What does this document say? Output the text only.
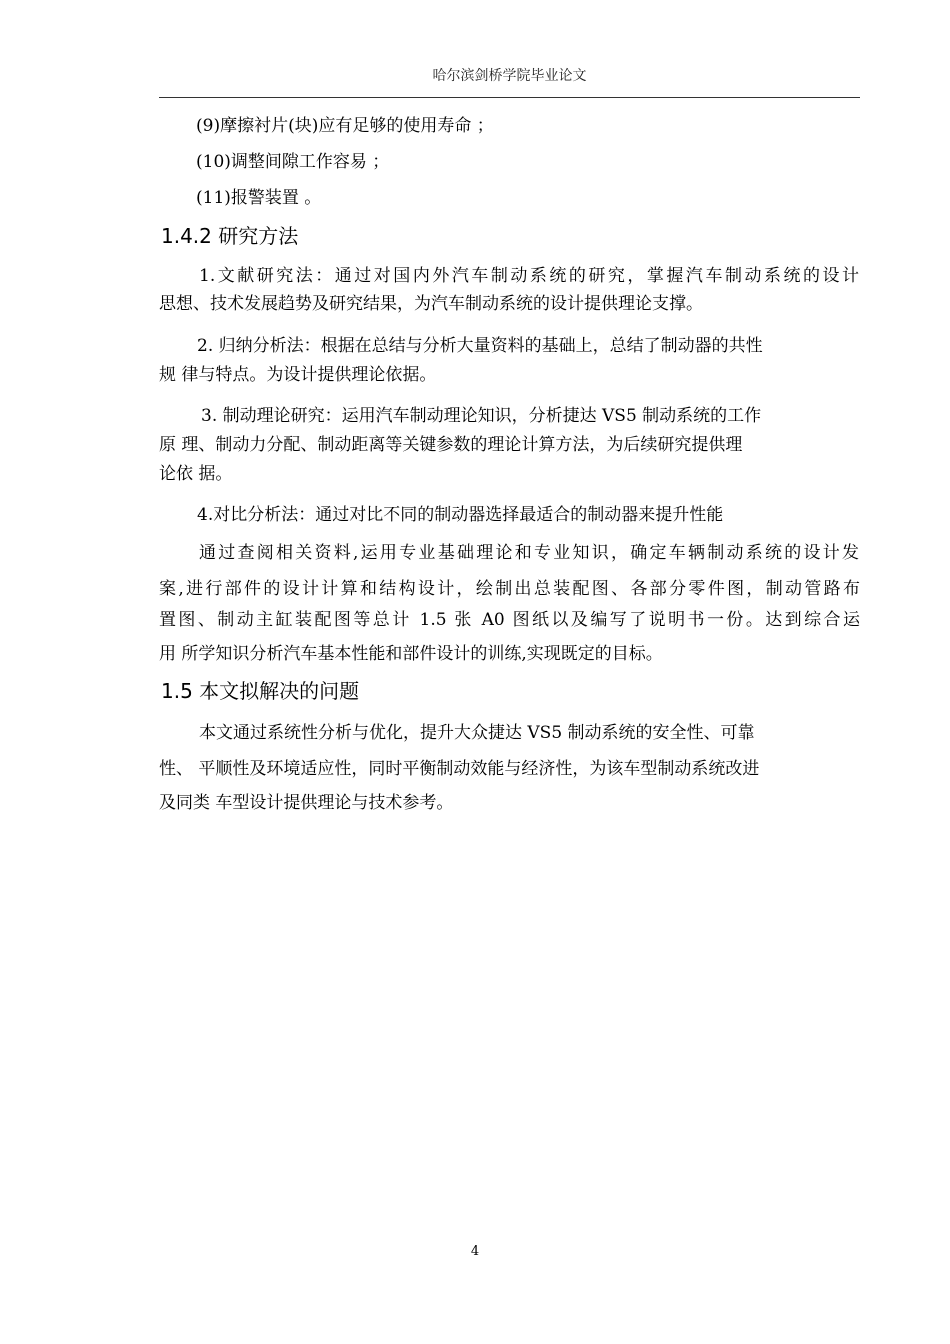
哈尔滨剑桥学院毕业论文
(9)摩擦衬片(块)应有足够的使用寿命 ；
(10)调整间隙工作容易 ；
(11)报警装置 。
1.4.2 研究方法
1.文献研究法：通过对国内外汽车制动系统的研究，掌握汽车制动系统的设计
思想、技术发展趋势及研究结果，为汽车制动系统的设计提供理论支撑。
2. 归纳分析法：根据在总结与分析大量资料的基础上，总结了制动器的共性
规 律与特点。为设计提供理论依据。
3. 制动理论研究：运用汽车制动理论知识，分析捷达 VS5 制动系统的工作
原 理、制动力分配、制动距离等关键参数的理论计算方法，为后续研究提供理
论依 据。
4.对比分析法：通过对比不同的制动器选择最适合的制动器来提升性能
通过查阅相关资料,运用专业基础理论和专业知识，确定车辆制动系统的设计发
案,进行部件的设计计算和结构设计，绘制出总装配图、各部分零件图，制动管路布
置图、制动主缸装配图等总计 1.5 张 A0 图纸以及编写了说明书一份。达到综合运
用 所学知识分析汽车基本性能和部件设计的训练,实现既定的目标。
1.5 本文拟解决的问题
本文通过系统性分析与优化，提升大众捷达 VS5 制动系统的安全性、可靠
性、 平顺性及环境适应性，同时平衡制动效能与经济性，为该车型制动系统改进
及同类 车型设计提供理论与技术参考。
4
